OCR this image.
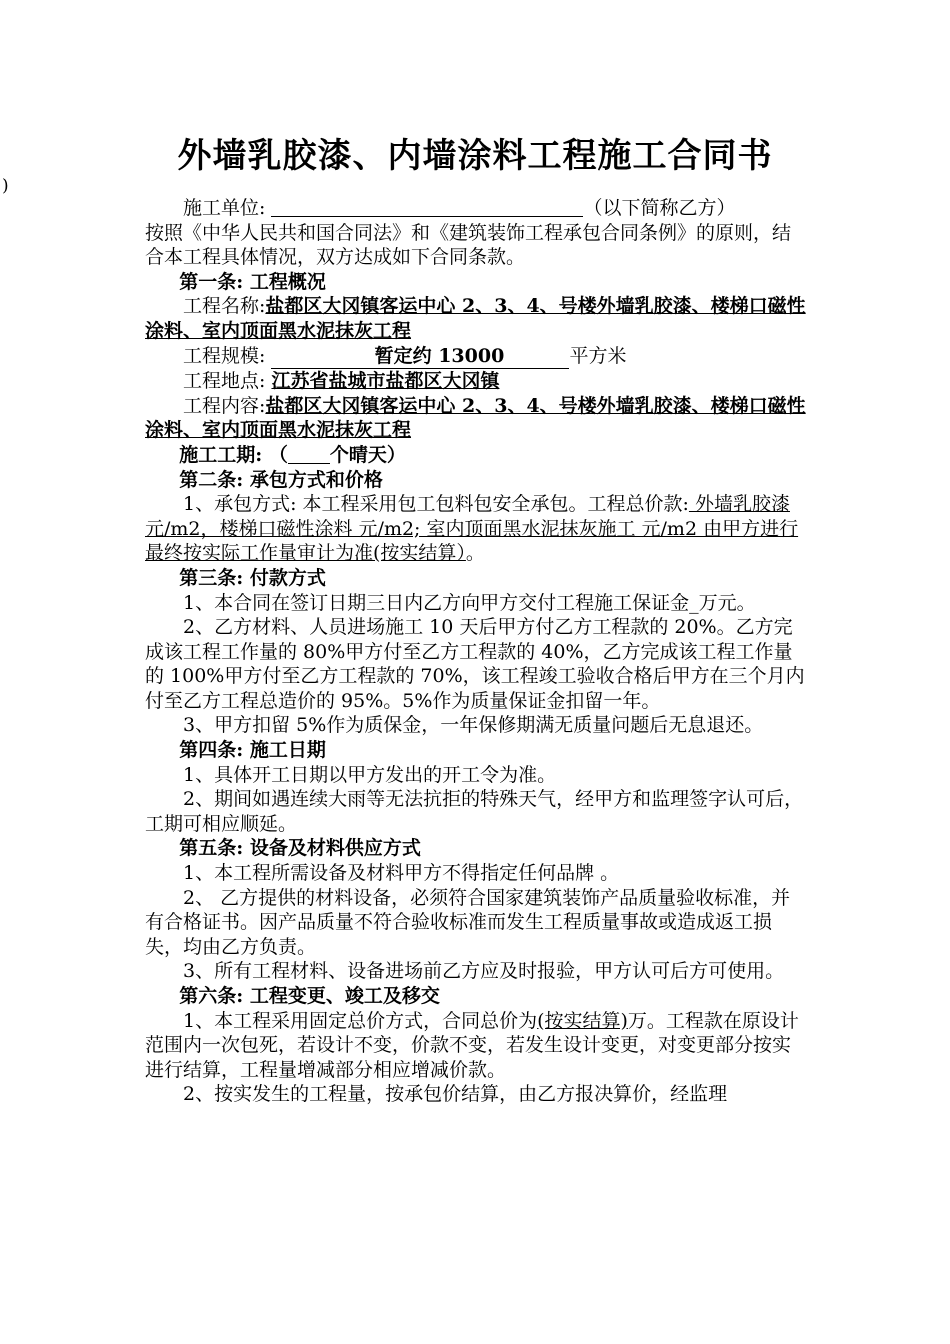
)
外墙乳胶漆、内墙涂料工程施工合同书

施工单位:	（以下简称乙方）

按照《中华人民共和国合同法》和《建筑装饰工程承包合同条例》的原则，结合本工程具体情况，双方达成如下合同条款。

第一条: 工程概况

工程名称:盐都区大冈镇客运中心 2、3、4、号楼外墙乳胶漆、楼梯口磁性涂料、室内顶面黑水泥抹灰工程

工程规模:	暂定约 13000	平方米

工程地点: 江苏省盐城市盐都区大冈镇

工程内容:盐都区大冈镇客运中心 2、3、4、号楼外墙乳胶漆、楼梯口磁性涂料、室内顶面黑水泥抹灰工程

施工工期: （ 个晴天）

第二条: 承包方式和价格

1、承包方式: 本工程采用包工包料包安全承包。工程总价款: 外墙乳胶漆 元/m2，楼梯口磁性涂料 元/m2; 室内顶面黑水泥抹灰施工 元/m2 由甲方进行最终按实际工作量审计为准(按实结算）。

第三条: 付款方式

1、本合同在签订日期三日内乙方向甲方交付工程施工保证金_万元。

2、乙方材料、人员进场施工 10 天后甲方付乙方工程款的 20%。乙方完成该工程工作量的 80%甲方付至乙方工程款的 40%，乙方完成该工程工作量的 100%甲方付至乙方工程款的 70%，该工程竣工验收合格后甲方在三个月内付至乙方工程总造价的 95%。5%作为质量保证金扣留一年。

3、甲方扣留 5%作为质保金，一年保修期满无质量问题后无息退还。

第四条: 施工日期

1、具体开工日期以甲方发出的开工令为准。

2、期间如遇连续大雨等无法抗拒的特殊天气，经甲方和监理签字认可后，工期可相应顺延。

第五条: 设备及材料供应方式

1、本工程所需设备及材料甲方不得指定任何品牌 。

2、 乙方提供的材料设备，必须符合国家建筑装饰产品质量验收标准，并有合格证书。因产品质量不符合验收标准而发生工程质量事故或造成返工损失，均由乙方负责。

3、所有工程材料、设备进场前乙方应及时报验，甲方认可后方可使用。

第六条: 工程变更、竣工及移交

1、本工程采用固定总价方式，合同总价为(按实结算)万。工程款在原设计范围内一次包死，若设计不变，价款不变，若发生设计变更，对变更部分按实进行结算，工程量增减部分相应增减价款。

2、按实发生的工程量，按承包价结算，由乙方报决算价，经监理
